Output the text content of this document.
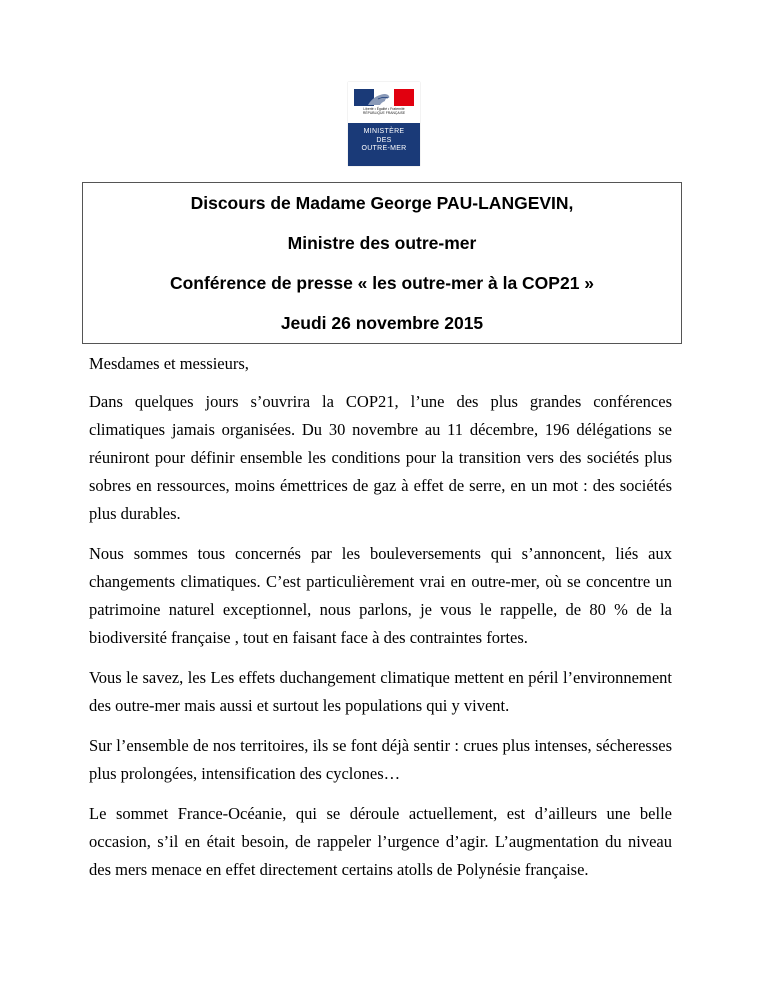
Liberté • Égalité • Fraternité
RÉPUBLIQUE FRANÇAISE
MINISTÈRE
DES
OUTRE-MER
Discours de Madame George PAU-LANGEVIN,
Ministre des outre-mer
Conférence de presse « les outre-mer à la COP21 »
Jeudi 26 novembre 2015

Mesdames et messieurs,

Dans quelques jours s’ouvrira la COP21, l’une des plus grandes conférences climatiques jamais organisées. Du 30 novembre au 11 décembre, 196 délégations se réuniront pour définir ensemble les conditions pour la transition vers des sociétés plus sobres en ressources, moins émettrices de gaz à effet de serre, en un mot : des sociétés plus durables.

Nous sommes tous concernés par les bouleversements qui s’annoncent, liés aux changements climatiques. C’est particulièrement vrai en outre-mer, où se concentre un patrimoine naturel exceptionnel, nous parlons, je vous le rappelle, de 80 % de la biodiversité française , tout en faisant face à des contraintes fortes.

Vous le savez, les Les effets duchangement climatique mettent en péril l’environnement des outre-mer mais aussi et surtout les populations qui y vivent.

Sur l’ensemble de nos territoires, ils se font déjà sentir : crues plus intenses, sécheresses plus prolongées, intensification des cyclones…

Le sommet France-Océanie, qui se déroule actuellement, est d’ailleurs une belle occasion, s’il en était besoin, de rappeler l’urgence d’agir. L’augmentation du niveau des mers menace en effet directement certains atolls de Polynésie française.
